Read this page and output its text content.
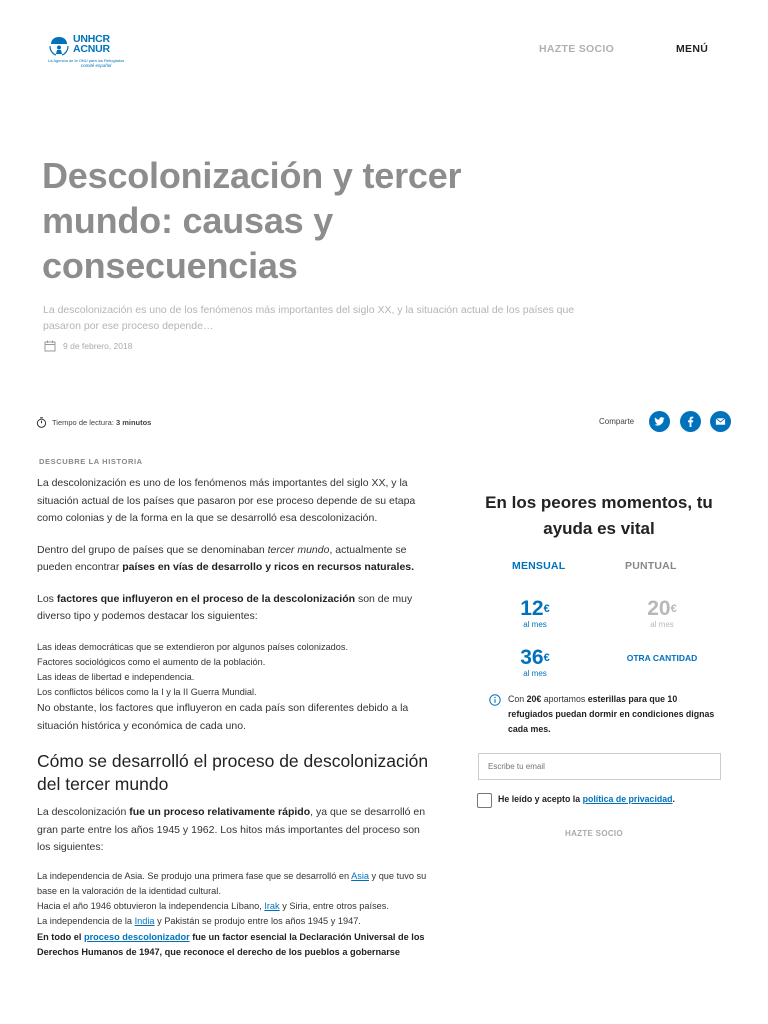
UNHCR
ACNUR
La Agencia de la ONU para los Refugiados
comité español
HAZTE SOCIO	MENÚ
Descolonización y tercer mundo: causas y consecuencias

La descolonización es uno de los fenómenos más importantes del siglo XX, y la situación actual de los países que pasaron por ese proceso depende…

9 de febrero, 2018
Tiempo de lectura: 3 minutos	Comparte
DESCUBRE LA HISTORIA

La descolonización es uno de los fenómenos más importantes del siglo XX, y la situación actual de los países que pasaron por ese proceso depende de su etapa como colonias y de la forma en la que se desarrolló esa descolonización.

Dentro del grupo de países que se denominaban tercer mundo, actualmente se pueden encontrar países en vías de desarrollo y ricos en recursos naturales.

Los factores que influyeron en el proceso de la descolonización son de muy diverso tipo y podemos destacar los siguientes:

Las ideas democráticas que se extendieron por algunos países colonizados.
Factores sociológicos como el aumento de la población.
Las ideas de libertad e independencia.
Los conflictos bélicos como la I y la II Guerra Mundial.

No obstante, los factores que influyeron en cada país son diferentes debido a la situación histórica y económica de cada uno.

Cómo se desarrolló el proceso de descolonización del tercer mundo

La descolonización fue un proceso relativamente rápido, ya que se desarrolló en gran parte entre los años 1945 y 1962. Los hitos más importantes del proceso son los siguientes:

La independencia de Asia. Se produjo una primera fase que se desarrolló en Asia y que tuvo su base en la valoración de la identidad cultural.
Hacia el año 1946 obtuvieron la independencia Líbano, Irak y Siria, entre otros países.
La independencia de la India y Pakistán se produjo entre los años 1945 y 1947.
En todo el proceso descolonizador fue un factor esencial la Declaración Universal de los Derechos Humanos de 1947, que reconoce el derecho de los pueblos a gobernarse
En los peores momentos, tu ayuda es vital
MENSUAL	PUNTUAL
12€
al mes
20€
al mes
36€
al mes
OTRA CANTIDAD

Con 20€ aportamos esterillas para que 10 refugiados puedan dormir en condiciones dignas cada mes.

Escribe tu email
He leído y acepto la política de privacidad.
HAZTE SOCIO
